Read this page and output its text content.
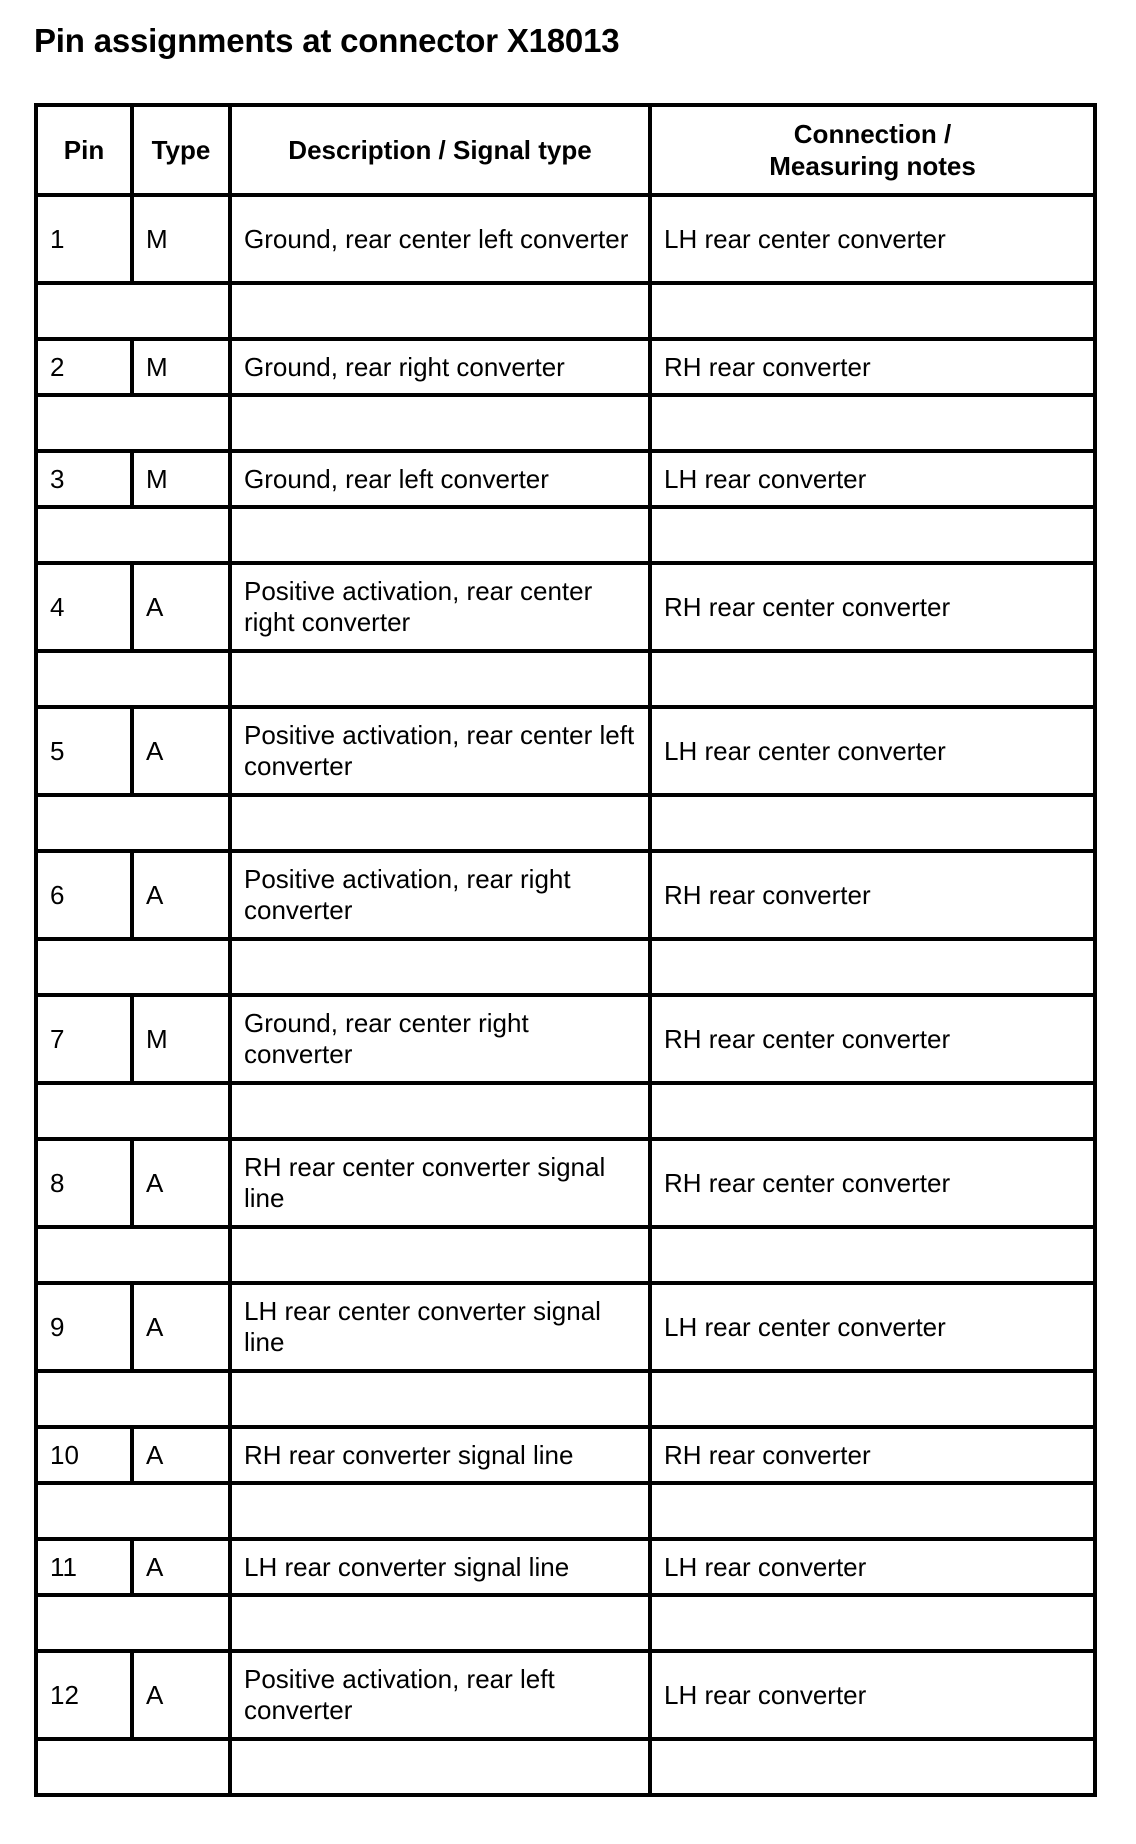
Pin assignments at connector X18013
Pin	Type	Description / Signal type	Connection /
Measuring notes
1	M	Ground, rear center left converter	LH rear center converter

2	M	Ground, rear right converter	RH rear converter

3	M	Ground, rear left converter	LH rear converter

4	A	Positive activation, rear center right converter	RH rear center converter

5	A	Positive activation, rear center left converter	LH rear center converter

6	A	Positive activation, rear right converter	RH rear converter

7	M	Ground, rear center right converter	RH rear center converter

8	A	RH rear center converter signal line	RH rear center converter

9	A	LH rear center converter signal line	LH rear center converter

10	A	RH rear converter signal line	RH rear converter

11	A	LH rear converter signal line	LH rear converter

12	A	Positive activation, rear left converter	LH rear converter
